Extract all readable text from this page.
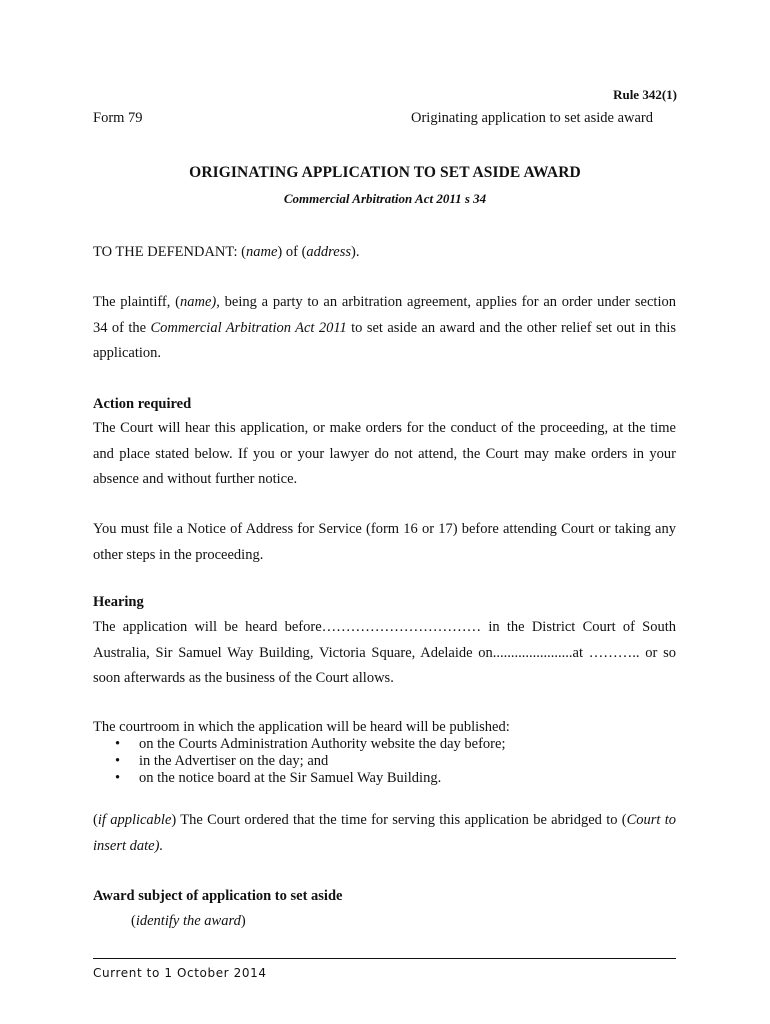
Rule 342(1)
Form 79	Originating application to set aside award
ORIGINATING APPLICATION TO SET ASIDE AWARD
Commercial Arbitration Act 2011 s 34
TO THE DEFENDANT: (name) of (address).
The plaintiff, (name), being a party to an arbitration agreement, applies for an order under section 34 of the Commercial Arbitration Act 2011 to set aside an award and the other relief set out in this application.
Action required
The Court will hear this application, or make orders for the conduct of the proceeding, at the time and place stated below. If you or your lawyer do not attend, the Court may make orders in your absence and without further notice.
You must file a Notice of Address for Service (form 16 or 17) before attending Court or taking any other steps in the proceeding.
Hearing
The application will be heard before…………………………… in the District Court of South Australia, Sir Samuel Way Building, Victoria Square, Adelaide on......................at ……….. or so soon afterwards as the business of the Court allows.
The courtroom in which the application will be heard will be published:
• on the Courts Administration Authority website the day before;
• in the Advertiser on the day; and
• on the notice board at the Sir Samuel Way Building.
(if applicable) The Court ordered that the time for serving this application be abridged to (Court to insert date).
Award subject of application to set aside
(identify the award)
Current to 1 October 2014
